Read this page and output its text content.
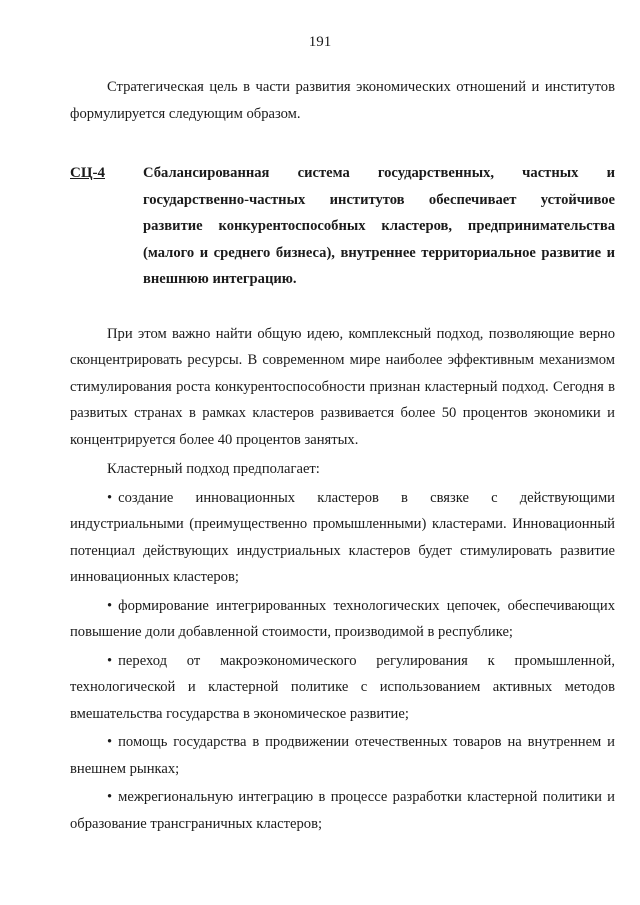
191

Стратегическая цель в части развития экономических отношений и институтов формулируется следующим образом.

СЦ-4	Сбалансированная система государственных, частных и государственно-частных институтов обеспечивает устойчивое развитие конкурентоспособных кластеров, предпринимательства (малого и среднего бизнеса), внутреннее территориальное развитие и внешнюю интеграцию.

При этом важно найти общую идею, комплексный подход, позволяющие верно сконцентрировать ресурсы. В современном мире наиболее эффективным механизмом стимулирования роста конкурентоспособности признан кластерный подход. Сегодня в развитых странах в рамках кластеров развивается более 50 процентов экономики и концентрируется более 40 процентов занятых.

Кластерный подход предполагает:

• создание инновационных кластеров в связке с действующими индустриальными (преимущественно промышленными) кластерами. Инновационный потенциал действующих индустриальных кластеров будет стимулировать развитие инновационных кластеров;

• формирование интегрированных технологических цепочек, обеспечивающих повышение доли добавленной стоимости, производимой в республике;

• переход от макроэкономического регулирования к промышленной, технологической и кластерной политике с использованием активных методов вмешательства государства в экономическое развитие;

• помощь государства в продвижении отечественных товаров на внутреннем и внешнем рынках;

• межрегиональную интеграцию в процессе разработки кластерной политики и образование трансграничных кластеров;
